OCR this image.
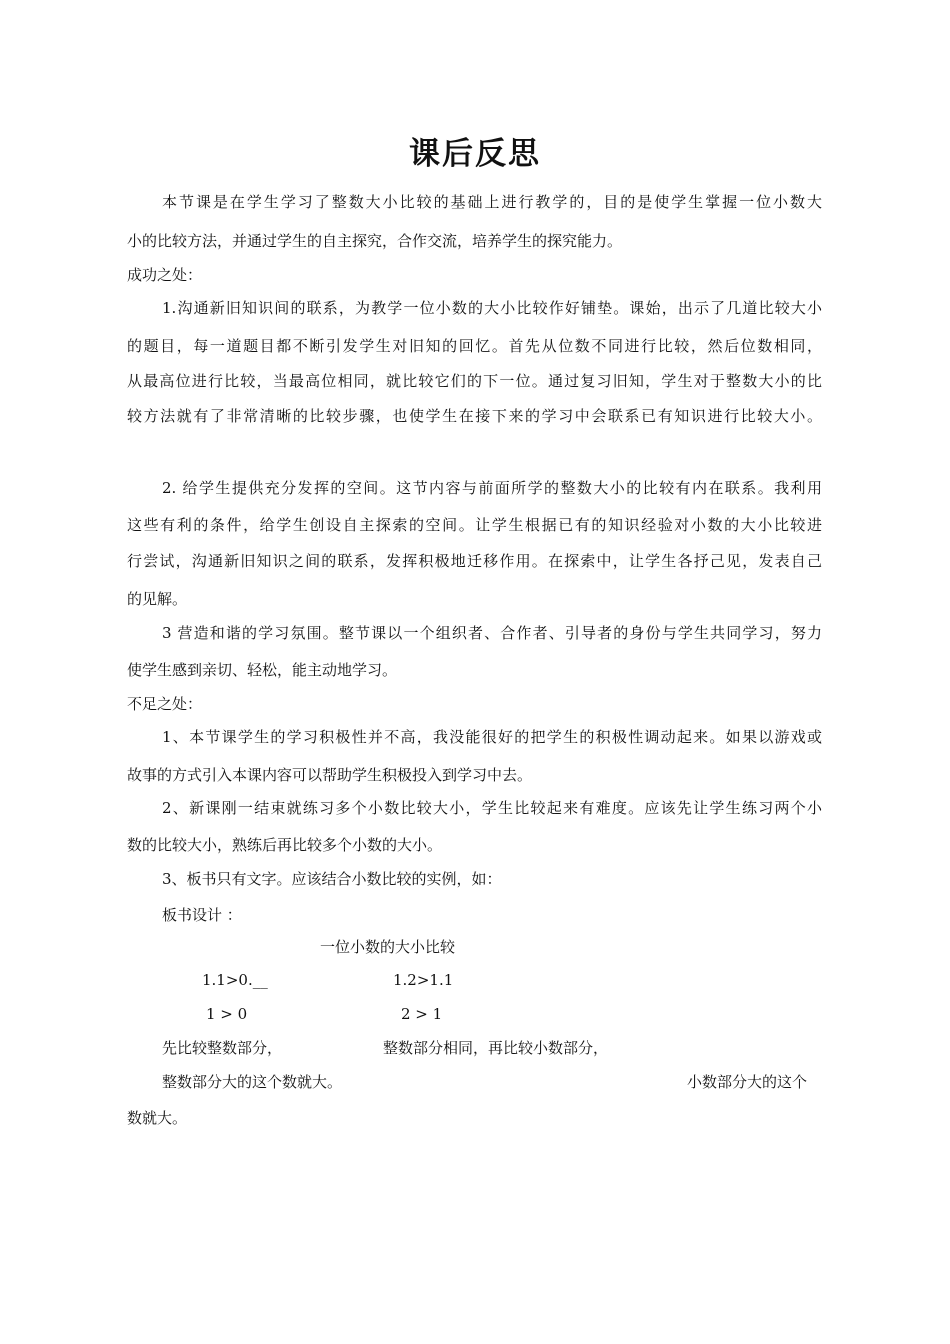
课后反思
本节课是在学生学习了整数大小比较的基础上进行教学的，目的是使学生掌握一位小数大
小的比较方法，并通过学生的自主探究，合作交流，培养学生的探究能力。
成功之处：
1.沟通新旧知识间的联系，为教学一位小数的大小比较作好铺垫。课始，出示了几道比较大小
的题目，每一道题目都不断引发学生对旧知的回忆。首先从位数不同进行比较，然后位数相同，
从最高位进行比较，当最高位相同，就比较它们的下一位。通过复习旧知，学生对于整数大小的比
较方法就有了非常清晰的比较步骤，也使学生在接下来的学习中会联系已有知识进行比较大小。
2. 给学生提供充分发挥的空间。这节内容与前面所学的整数大小的比较有内在联系。我利用
这些有利的条件，给学生创设自主探索的空间。让学生根据已有的知识经验对小数的大小比较进
行尝试，沟通新旧知识之间的联系，发挥积极地迁移作用。在探索中，让学生各抒己见，发表自己
的见解。
3 营造和谐的学习氛围。整节课以一个组织者、合作者、引导者的身份与学生共同学习，努力
使学生感到亲切、轻松，能主动地学习。
不足之处：
1、本节课学生的学习积极性并不高，我没能很好的把学生的积极性调动起来。如果以游戏或
故事的方式引入本课内容可以帮助学生积极投入到学习中去。
2、新课刚一结束就练习多个小数比较大小，学生比较起来有难度。应该先让学生练习两个小
数的比较大小，熟练后再比较多个小数的大小。
3、板书只有文字。应该结合小数比较的实例，如：
板书设计 ：
一位小数的大小比较
1.1>0.__	1.2>1.1
1 > 0	2 > 1
先比较整数部分，	整数部分相同，再比较小数部分，
整数部分大的这个数就大。	小数部分大的这个
数就大。
